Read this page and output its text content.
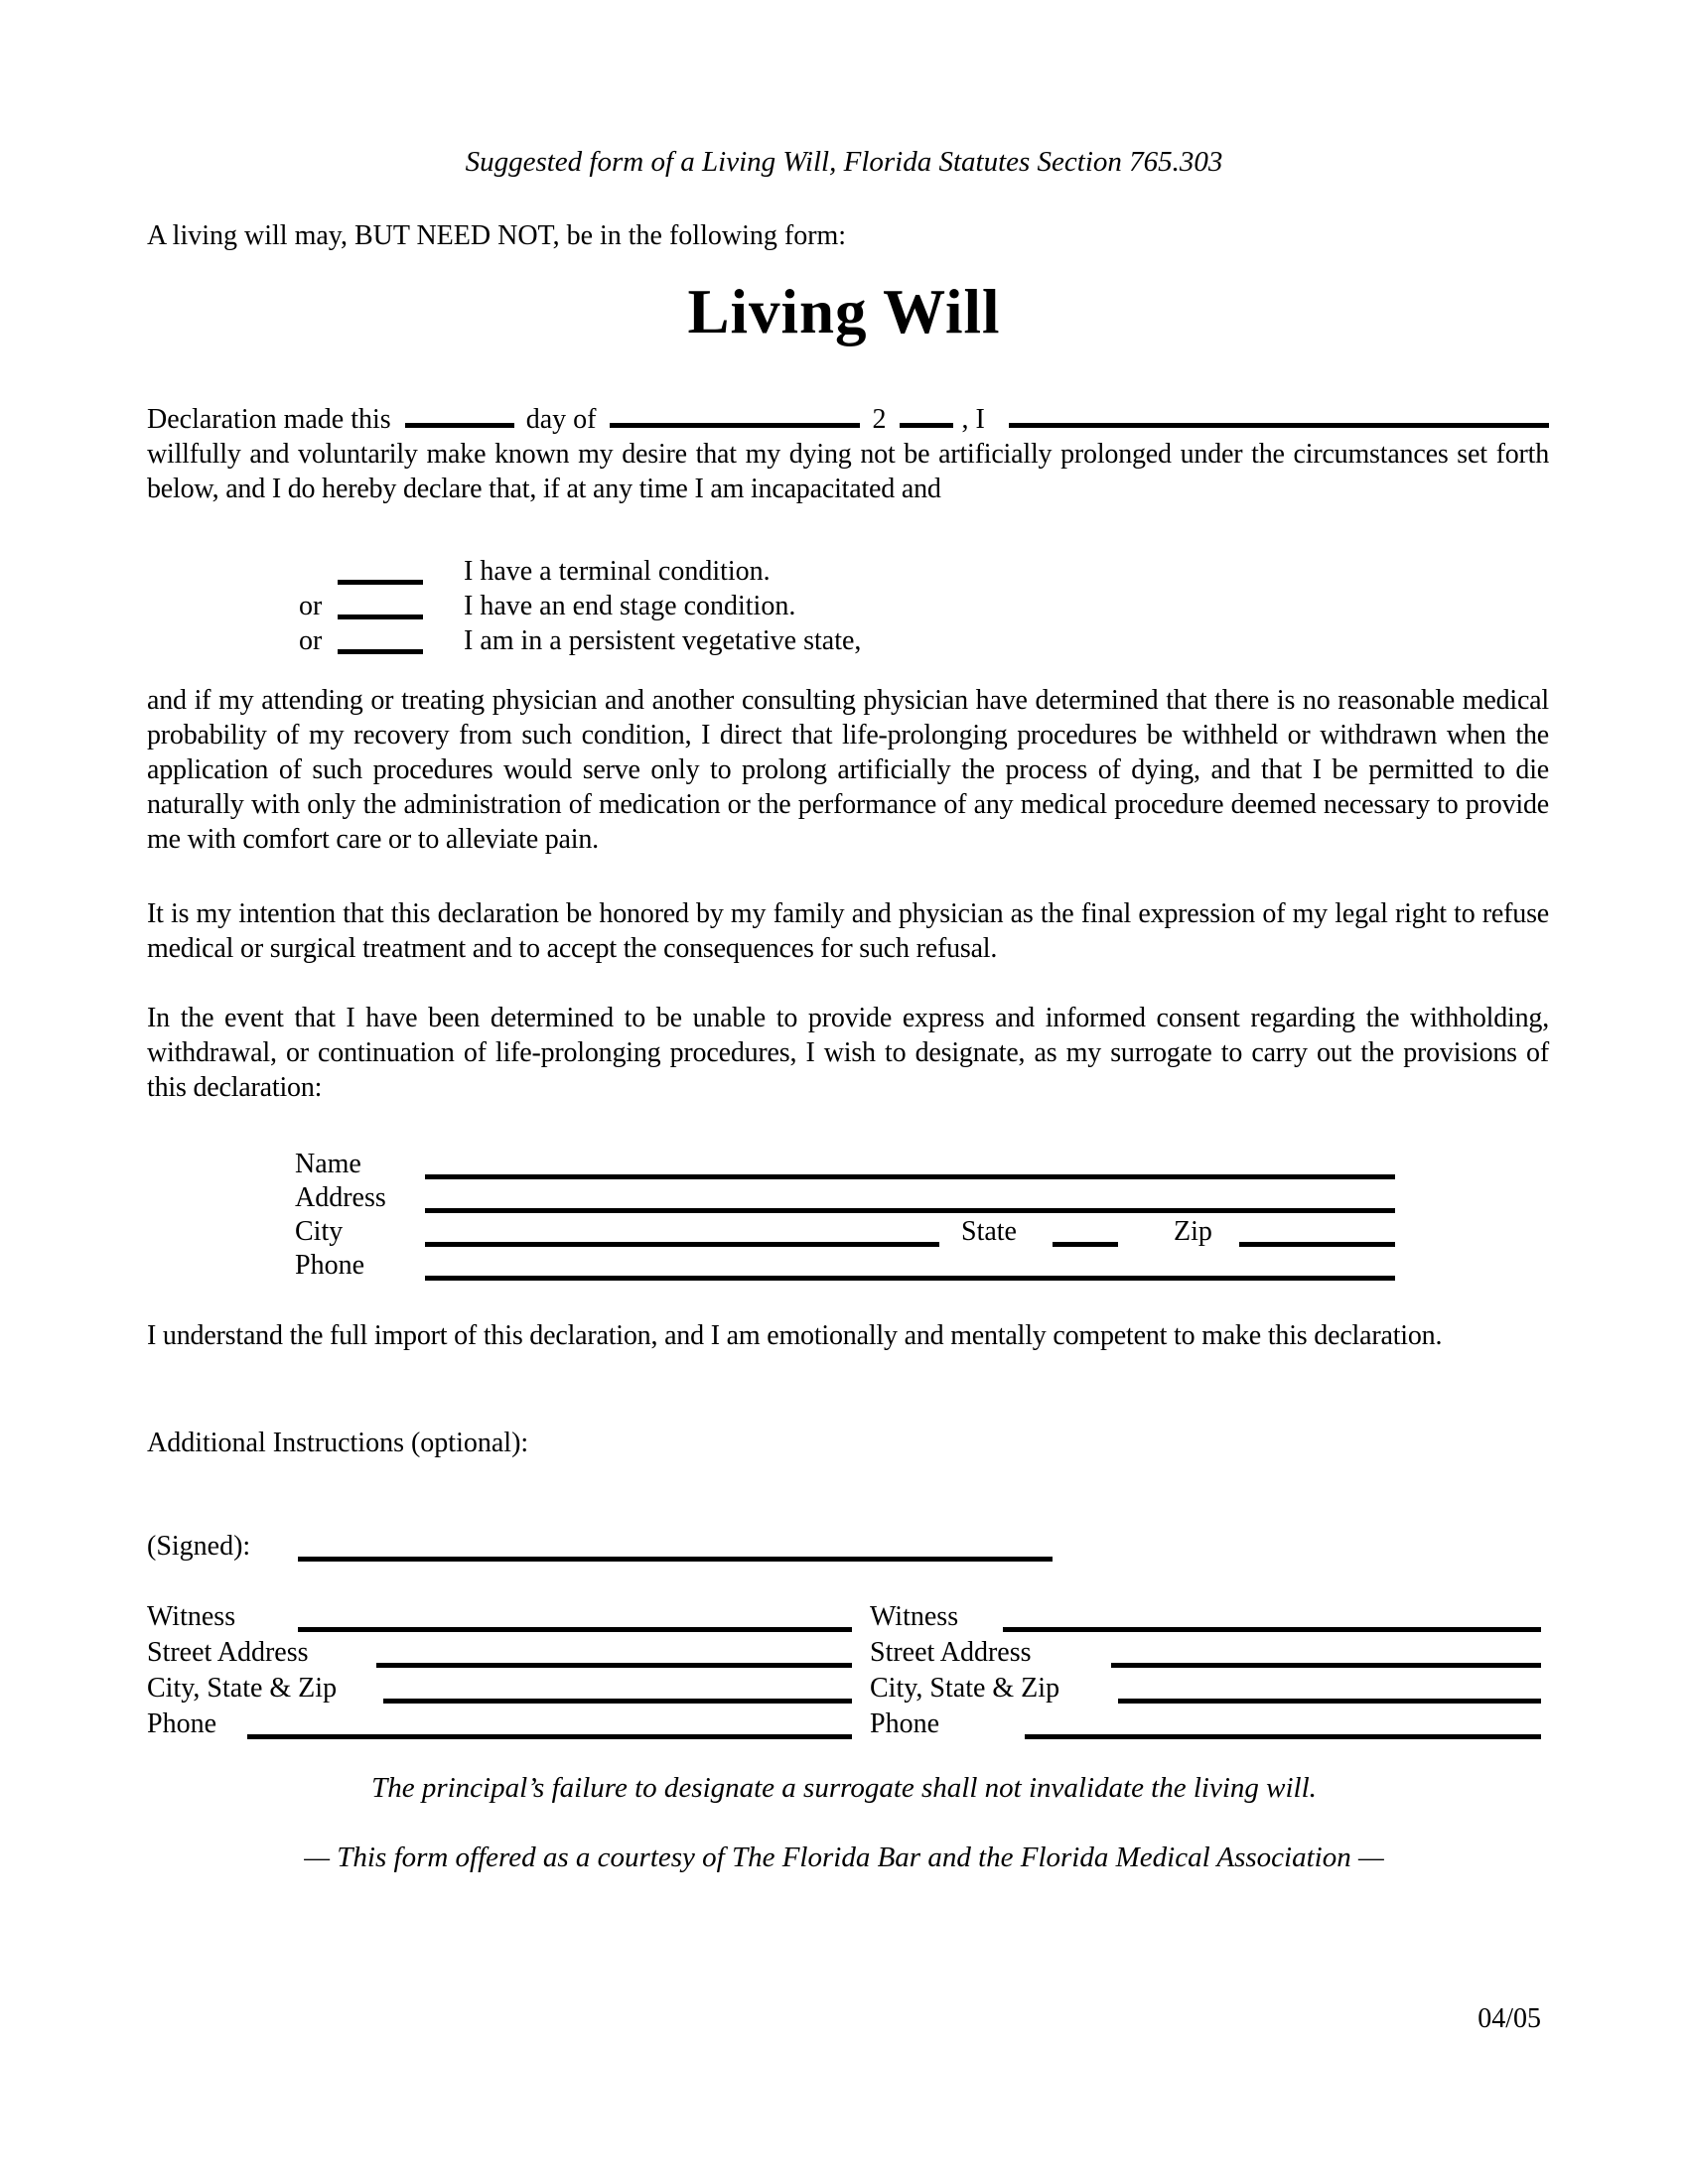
Suggested form of a Living Will, Florida Statutes Section 765.303
A living will may, BUT NEED NOT, be in the following form:
Living Will
Declaration made this	day of	2	, I
willfully and voluntarily make known my desire that my dying not be artificially prolonged under the circumstances set forth below, and I do hereby declare that, if at any time I am incapacitated and
I have a terminal condition.
or	I have an end stage condition.
or	I am in a persistent vegetative state,
and if my attending or treating physician and another consulting physician have determined that there is no reasonable medical probability of my recovery from such condition, I direct that life-prolonging procedures be withheld or withdrawn when the application of such procedures would serve only to prolong artificially the process of dying, and that I be permitted to die naturally with only the administration of medication or the performance of any medical procedure deemed necessary to provide me with comfort care or to alleviate pain.
It is my intention that this declaration be honored by my family and physician as the final expression of my legal right to refuse medical or surgical treatment and to accept the consequences for such refusal.
In the event that I have been determined to be unable to provide express and informed consent regarding the withholding, withdrawal, or continuation of life-prolonging procedures, I wish to designate, as my surrogate to carry out the provisions of this declaration:
Name
Address
City	State	Zip
Phone
I understand the full import of this declaration, and I am emotionally and mentally competent to make this declaration.
Additional Instructions (optional):
(Signed):
Witness
Street Address
City, State & Zip
Phone
Witness
Street Address
City, State & Zip
Phone
The principal’s failure to designate a surrogate shall not invalidate the living will.
— This form offered as a courtesy of The Florida Bar and the Florida Medical Association —
04/05
